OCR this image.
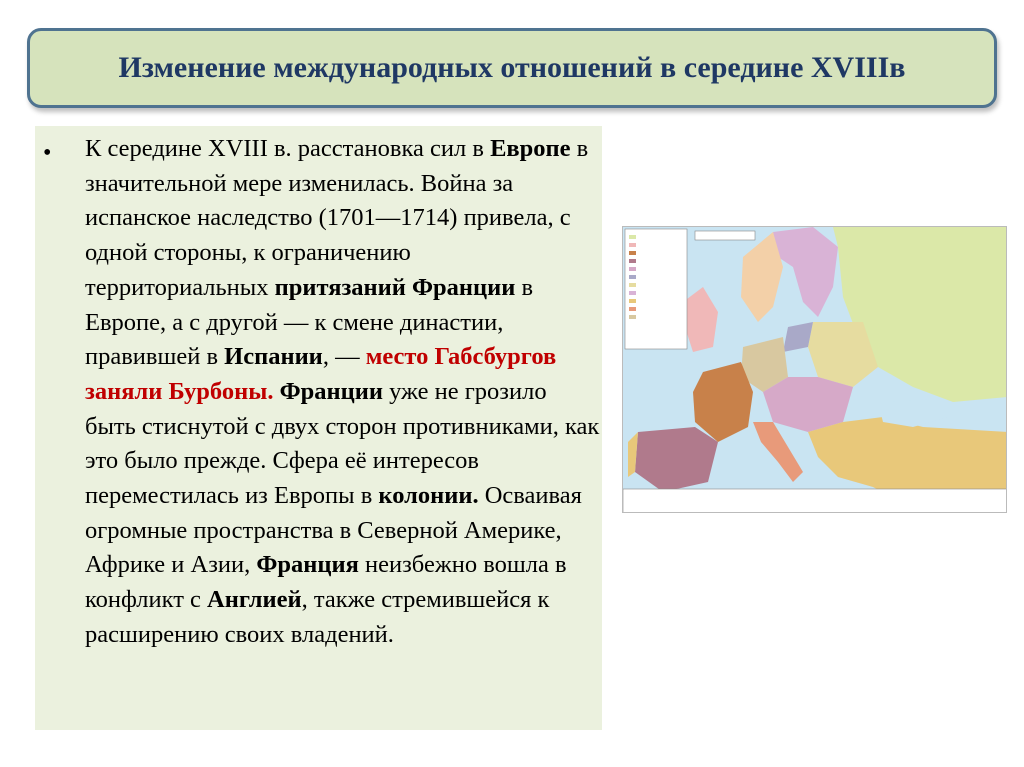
Изменение международных отношений в середине XVIIIв
• К середине XVIII в. расстановка сил в Европе в значительной мере изменилась. Война за испанское наследство (1701—1714) привела, с одной стороны, к ограничению территориальных притязаний Франции в Европе, а с другой — к смене династии, правившей в Испании, — место Габсбургов заняли Бурбоны. Франции уже не грозило быть стиснутой с двух сторон противниками, как это было прежде. Сфера её интересов переместилась из Европы в колонии. Осваивая огромные пространства в Северной Америке, Африке и Азии, Франция неизбежно вошла в конфликт с Англией, также стремившейся к расширению своих владений.
